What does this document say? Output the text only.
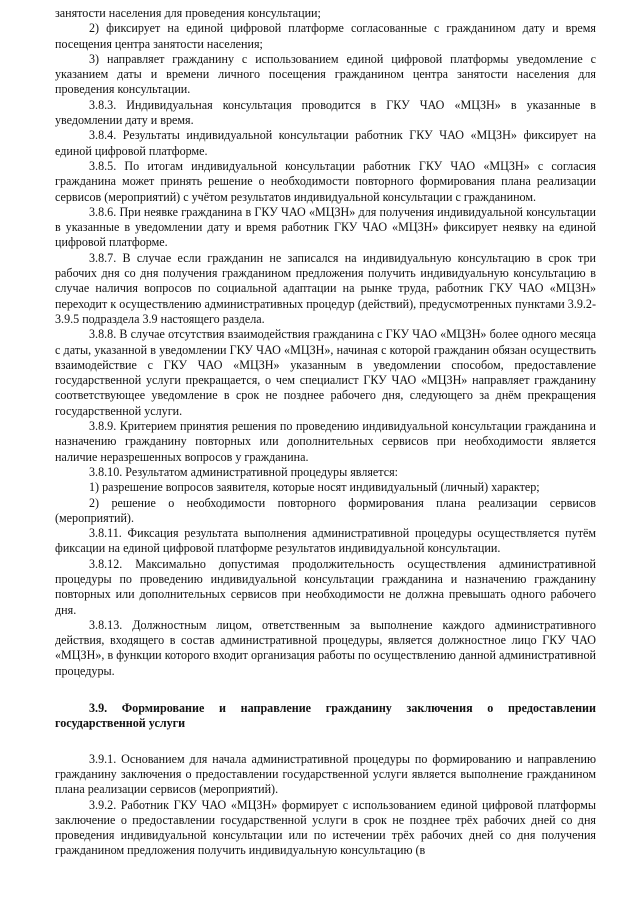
занятости населения для проведения консультации;

2) фиксирует на единой цифровой платформе согласованные с гражданином дату и время посещения центра занятости населения;

3) направляет гражданину с использованием единой цифровой платформы уведомление с указанием даты и времени личного посещения гражданином центра занятости населения для проведения консультации.

3.8.3. Индивидуальная консультация проводится в ГКУ ЧАО «МЦЗН» в указанные в уведомлении дату и время.

3.8.4. Результаты индивидуальной консультации работник ГКУ ЧАО «МЦЗН» фиксирует на единой цифровой платформе.

3.8.5. По итогам индивидуальной консультации работник ГКУ ЧАО «МЦЗН» с согласия гражданина может принять решение о необходимости повторного формирования плана реализации сервисов (мероприятий) с учётом результатов индивидуальной консультации с гражданином.

3.8.6. При неявке гражданина в ГКУ ЧАО «МЦЗН» для получения индивидуальной консультации в указанные в уведомлении дату и время работник ГКУ ЧАО «МЦЗН» фиксирует неявку на единой цифровой платформе.

3.8.7. В случае если гражданин не записался на индивидуальную консультацию в срок три рабочих дня со дня получения гражданином предложения получить индивидуальную консультацию в случае наличия вопросов по социальной адаптации на рынке труда, работник ГКУ ЧАО «МЦЗН» переходит к осуществлению административных процедур (действий), предусмотренных пунктами 3.9.2-3.9.5 подраздела 3.9 настоящего раздела.

3.8.8. В случае отсутствия взаимодействия гражданина с ГКУ ЧАО «МЦЗН» более одного месяца с даты, указанной в уведомлении ГКУ ЧАО «МЦЗН», начиная с которой гражданин обязан осуществить взаимодействие с ГКУ ЧАО «МЦЗН» указанным в уведомлении способом, предоставление государственной услуги прекращается, о чем специалист ГКУ ЧАО «МЦЗН» направляет гражданину соответствующее уведомление в срок не позднее рабочего дня, следующего за днём прекращения государственной услуги.

3.8.9. Критерием принятия решения по проведению индивидуальной консультации гражданина и назначению гражданину повторных или дополнительных сервисов при необходимости является наличие неразрешенных вопросов у гражданина.

3.8.10. Результатом административной процедуры является:

1) разрешение вопросов заявителя, которые носят индивидуальный (личный) характер;

2) решение о необходимости повторного формирования плана реализации сервисов (мероприятий).

3.8.11. Фиксация результата выполнения административной процедуры осуществляется путём фиксации на единой цифровой платформе результатов индивидуальной консультации.

3.8.12. Максимально допустимая продолжительность осуществления административной процедуры по проведению индивидуальной консультации гражданина и назначению гражданину повторных или дополнительных сервисов при необходимости не должна превышать одного рабочего дня.

3.8.13. Должностным лицом, ответственным за выполнение каждого административного действия, входящего в состав административной процедуры, является должностное лицо ГКУ ЧАО «МЦЗН», в функции которого входит организация работы по осуществлению данной административной процедуры.

3.9. Формирование и направление гражданину заключения о предоставлении государственной услуги

3.9.1. Основанием для начала административной процедуры по формированию и направлению гражданину заключения о предоставлении государственной услуги является выполнение гражданином плана реализации сервисов (мероприятий).

3.9.2. Работник ГКУ ЧАО «МЦЗН» формирует с использованием единой цифровой платформы заключение о предоставлении государственной услуги в срок не позднее трёх рабочих дней со дня проведения индивидуальной консультации или по истечении трёх рабочих дней со дня получения гражданином предложения получить индивидуальную консультацию (в
